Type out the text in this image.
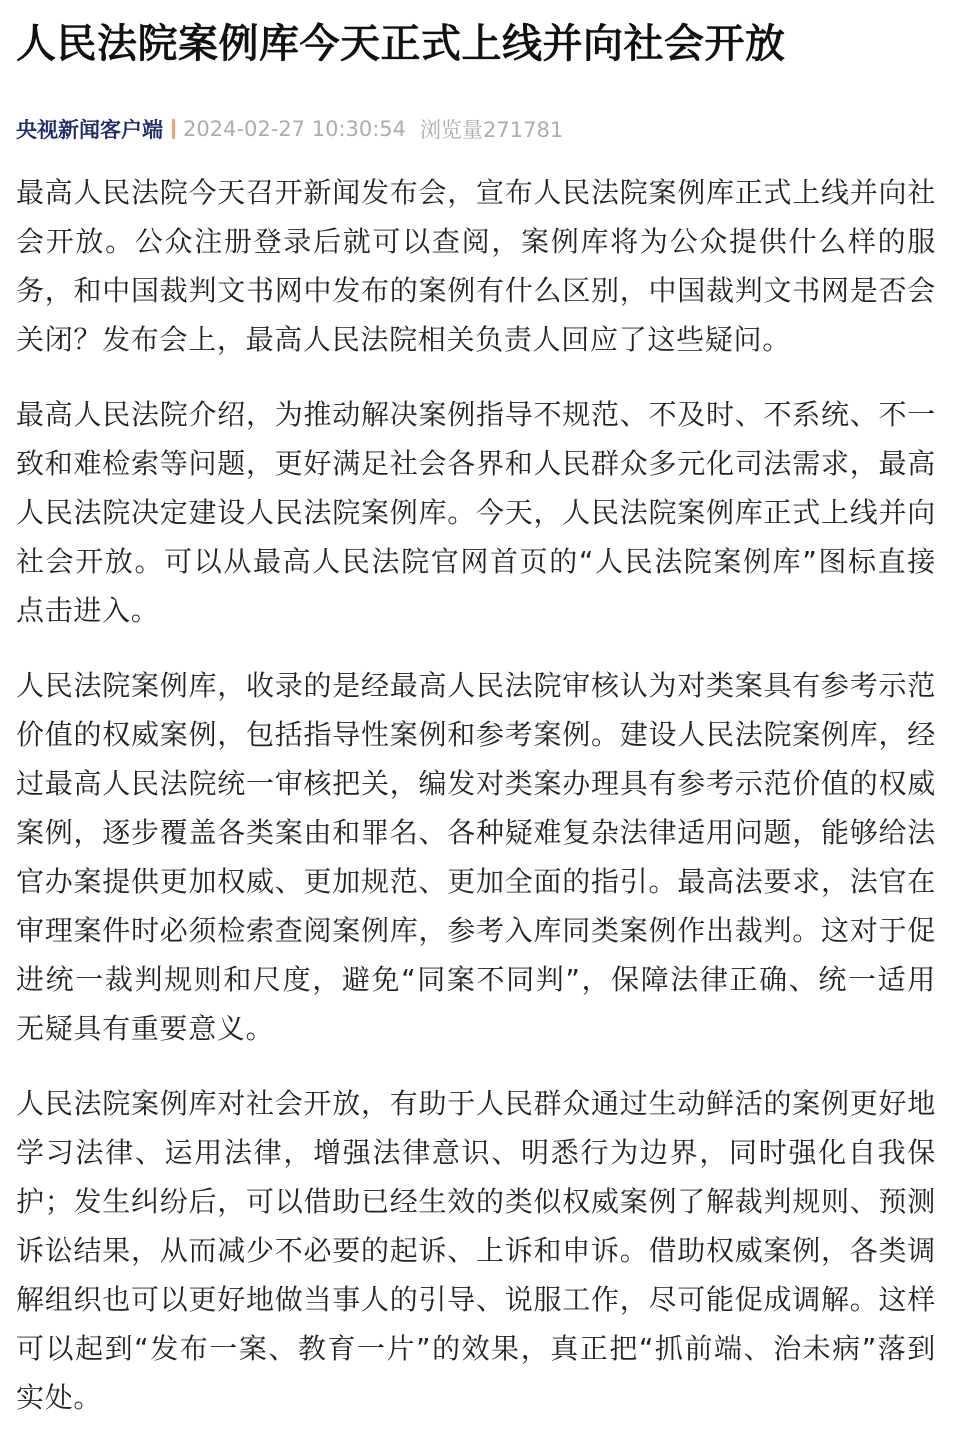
人民法院案例库今天正式上线并向社会开放
央视新闻客户端 2024-02-27 10:30:54 浏览量271781

最高人民法院今天召开新闻发布会，宣布人民法院案例库正式上线并向社会开放。公众注册登录后就可以查阅，案例库将为公众提供什么样的服务，和中国裁判文书网中发布的案例有什么区别，中国裁判文书网是否会关闭？发布会上，最高人民法院相关负责人回应了这些疑问。

最高人民法院介绍，为推动解决案例指导不规范、不及时、不系统、不一致和难检索等问题，更好满足社会各界和人民群众多元化司法需求，最高人民法院决定建设人民法院案例库。今天，人民法院案例库正式上线并向社会开放。可以从最高人民法院官网首页的“人民法院案例库”图标直接点击进入。

人民法院案例库，收录的是经最高人民法院审核认为对类案具有参考示范价值的权威案例，包括指导性案例和参考案例。建设人民法院案例库，经过最高人民法院统一审核把关，编发对类案办理具有参考示范价值的权威案例，逐步覆盖各类案由和罪名、各种疑难复杂法律适用问题，能够给法官办案提供更加权威、更加规范、更加全面的指引。最高法要求，法官在审理案件时必须检索查阅案例库，参考入库同类案例作出裁判。这对于促进统一裁判规则和尺度，避免“同案不同判”，保障法律正确、统一适用无疑具有重要意义。

人民法院案例库对社会开放，有助于人民群众通过生动鲜活的案例更好地学习法律、运用法律，增强法律意识、明悉行为边界，同时强化自我保护；发生纠纷后，可以借助已经生效的类似权威案例了解裁判规则、预测诉讼结果，从而减少不必要的起诉、上诉和申诉。借助权威案例，各类调解组织也可以更好地做当事人的引导、说服工作，尽可能促成调解。这样可以起到“发布一案、教育一片”的效果，真正把“抓前端、治未病”落到实处。
